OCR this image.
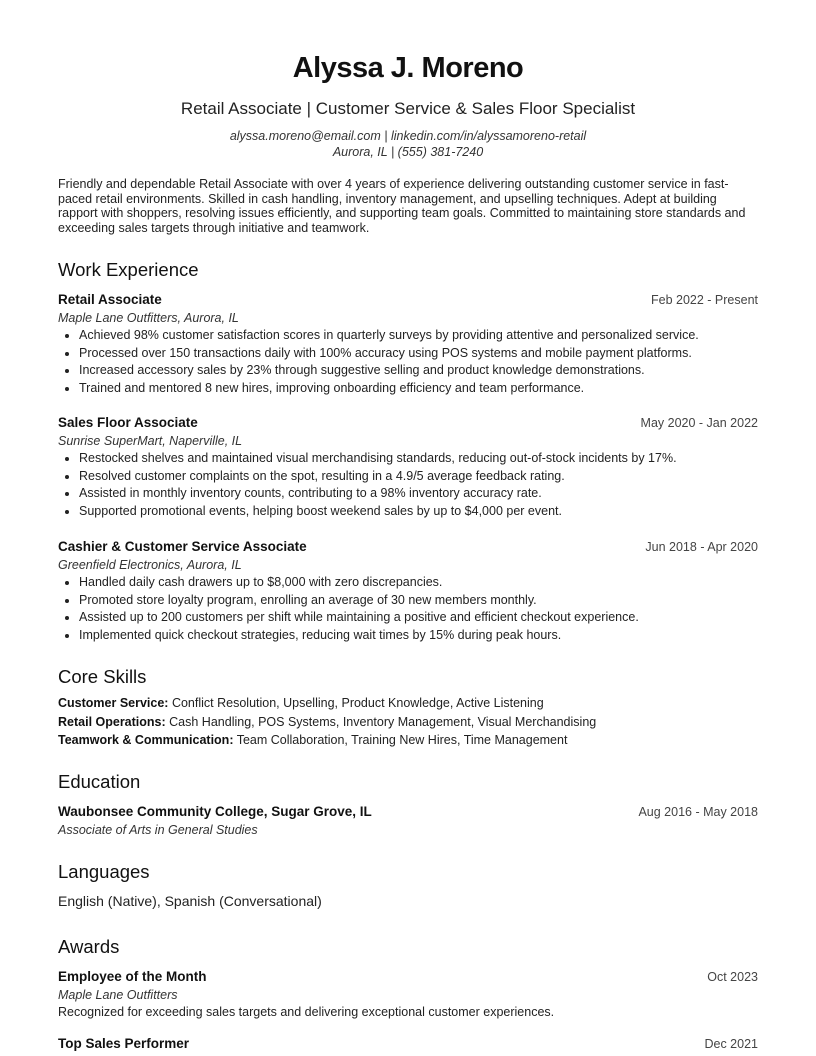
Alyssa J. Moreno
Retail Associate | Customer Service & Sales Floor Specialist
alyssa.moreno@email.com | linkedin.com/in/alyssamoreno-retail
Aurora, IL | (555) 381-7240
Friendly and dependable Retail Associate with over 4 years of experience delivering outstanding customer service in fast-paced retail environments. Skilled in cash handling, inventory management, and upselling techniques. Adept at building rapport with shoppers, resolving issues efficiently, and supporting team goals. Committed to maintaining store standards and exceeding sales targets through initiative and teamwork.
Work Experience
Retail Associate	Feb 2022 - Present
Maple Lane Outfitters, Aurora, IL
• Achieved 98% customer satisfaction scores in quarterly surveys by providing attentive and personalized service.
• Processed over 150 transactions daily with 100% accuracy using POS systems and mobile payment platforms.
• Increased accessory sales by 23% through suggestive selling and product knowledge demonstrations.
• Trained and mentored 8 new hires, improving onboarding efficiency and team performance.
Sales Floor Associate	May 2020 - Jan 2022
Sunrise SuperMart, Naperville, IL
• Restocked shelves and maintained visual merchandising standards, reducing out-of-stock incidents by 17%.
• Resolved customer complaints on the spot, resulting in a 4.9/5 average feedback rating.
• Assisted in monthly inventory counts, contributing to a 98% inventory accuracy rate.
• Supported promotional events, helping boost weekend sales by up to $4,000 per event.
Cashier & Customer Service Associate	Jun 2018 - Apr 2020
Greenfield Electronics, Aurora, IL
• Handled daily cash drawers up to $8,000 with zero discrepancies.
• Promoted store loyalty program, enrolling an average of 30 new members monthly.
• Assisted up to 200 customers per shift while maintaining a positive and efficient checkout experience.
• Implemented quick checkout strategies, reducing wait times by 15% during peak hours.
Core Skills
Customer Service: Conflict Resolution, Upselling, Product Knowledge, Active Listening
Retail Operations: Cash Handling, POS Systems, Inventory Management, Visual Merchandising
Teamwork & Communication: Team Collaboration, Training New Hires, Time Management
Education
Waubonsee Community College, Sugar Grove, IL	Aug 2016 - May 2018
Associate of Arts in General Studies
Languages
English (Native), Spanish (Conversational)
Awards
Employee of the Month	Oct 2023
Maple Lane Outfitters
Recognized for exceeding sales targets and delivering exceptional customer experiences.
Top Sales Performer	Dec 2021
